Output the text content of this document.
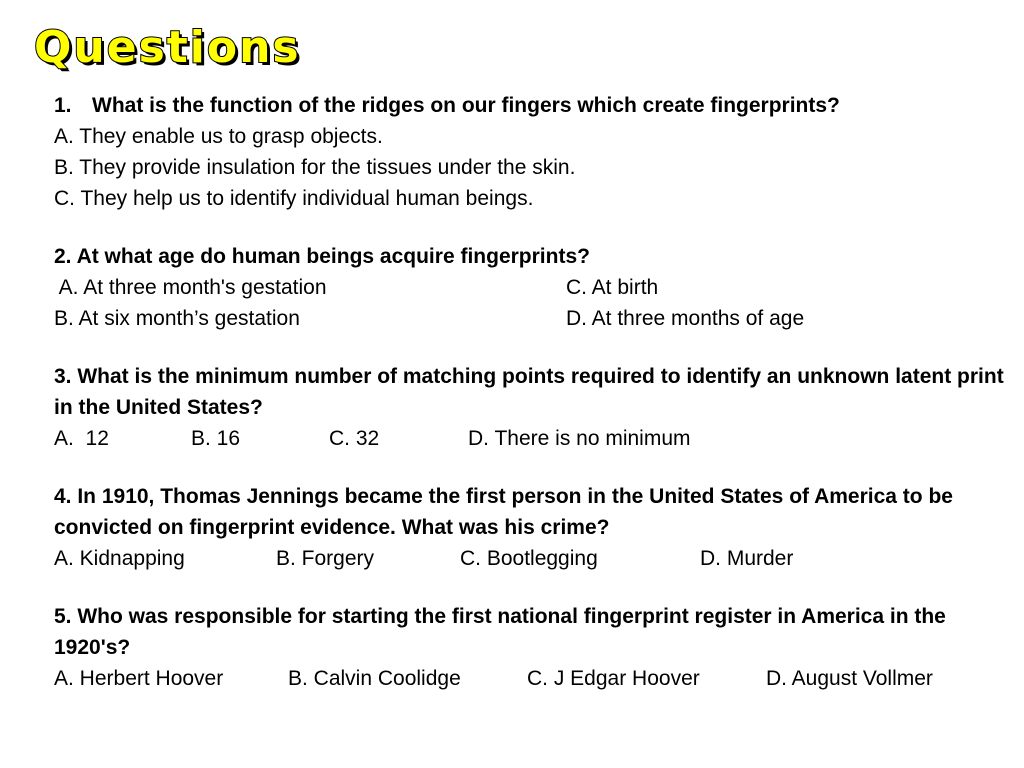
Questions
1. What is the function of the ridges on our fingers which create fingerprints?
A. They enable us to grasp objects.
B. They provide insulation for the tissues under the skin.
C. They help us to identify individual human beings.
2. At what age do human beings acquire fingerprints?
A. At three month's gestation	C. At birth
B. At six month’s gestation	D. At three months of age
3. What is the minimum number of matching points required to identify an unknown latent print in the United States?
A.  12	B. 16	C. 32	D. There is no minimum
4. In 1910, Thomas Jennings became the first person in the United States of America to be convicted on fingerprint evidence. What was his crime?
A. Kidnapping	B. Forgery	C. Bootlegging	D. Murder
5. Who was responsible for starting the first national fingerprint register in America in the 1920's?
A. Herbert Hoover	B. Calvin Coolidge	C. J Edgar Hoover	D. August Vollmer
